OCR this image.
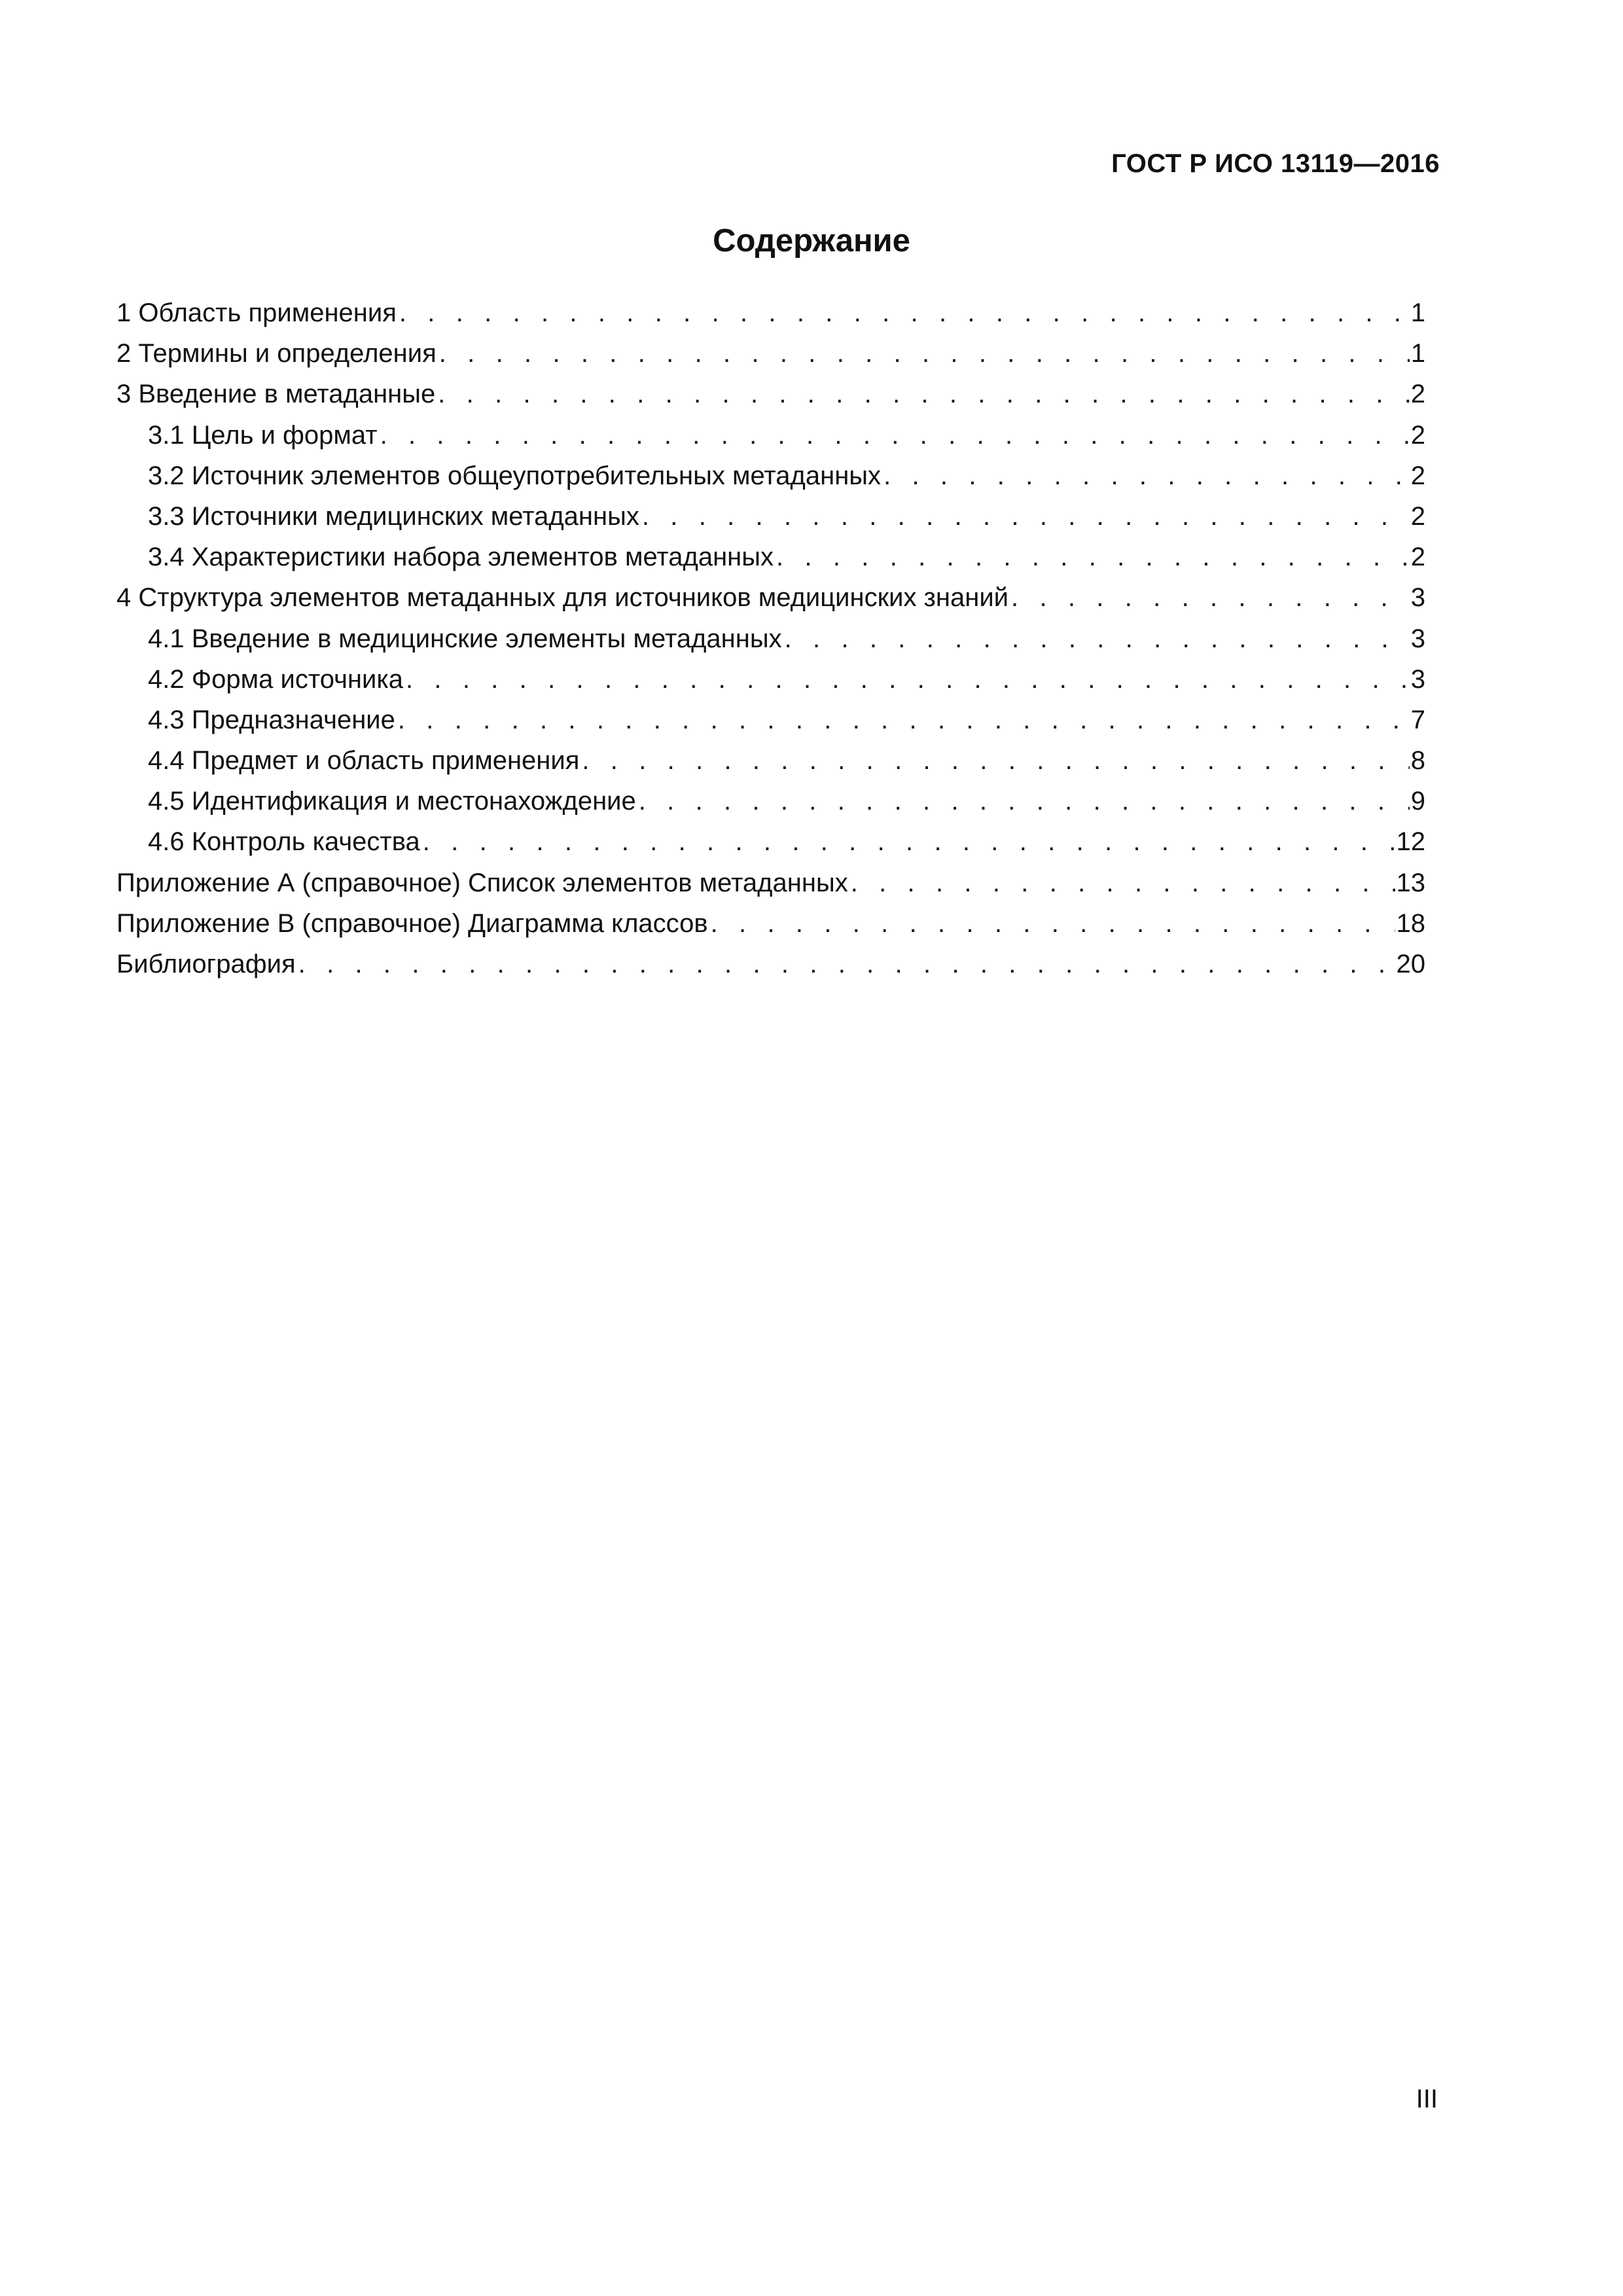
ГОСТ Р ИСО 13119—2016
Содержание
1 Область применения . . .	1
2 Термины и определения . . .	1
3 Введение в метаданные . . .	2
3.1 Цель и формат . . .	2
3.2 Источник элементов общеупотребительных метаданных . . .	2
3.3 Источники медицинских метаданных . . .	2
3.4 Характеристики набора элементов метаданных . . .	2
4 Структура элементов метаданных для источников медицинских знаний . . .	3
4.1 Введение в медицинские элементы метаданных . . .	3
4.2 Форма источника . . .	3
4.3 Предназначение . . .	7
4.4 Предмет и область применения . . .	8
4.5 Идентификация и местонахождение . . .	9
4.6 Контроль качества . . .	12
Приложение А (справочное) Список элементов метаданных . . .	13
Приложение В (справочное) Диаграмма классов . . .	18
Библиография . . .	20
III
